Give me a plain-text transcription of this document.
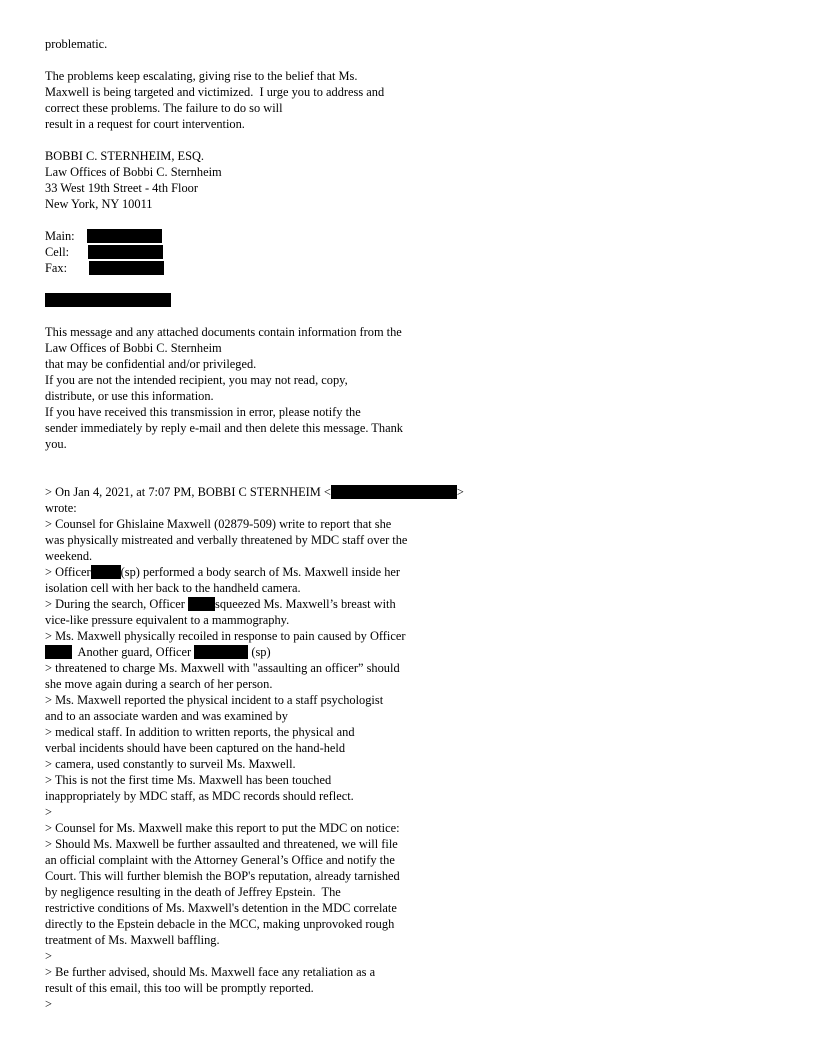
problematic.
The problems keep escalating, giving rise to the belief that Ms.
Maxwell is being targeted and victimized.  I urge you to address and
correct these problems. The failure to do so will
result in a request for court intervention.
BOBBI C. STERNHEIM, ESQ.
Law Offices of Bobbi C. Sternheim
33 West 19th Street - 4th Floor
New York, NY 10011
Main:
Cell:
Fax:
This message and any attached documents contain information from the
Law Offices of Bobbi C. Sternheim
that may be confidential and/or privileged.
If you are not the intended recipient, you may not read, copy,
distribute, or use this information.
If you have received this transmission in error, please notify the
sender immediately by reply e-mail and then delete this message. Thank
you.
> On Jan 4, 2021, at 7:07 PM, BOBBI C STERNHEIM <	>
wrote:
> Counsel for Ghislaine Maxwell (02879-509) write to report that she
was physically mistreated and verbally threatened by MDC staff over the
weekend.
> Officer (sp) performed a body search of Ms. Maxwell inside her
isolation cell with her back to the handheld camera.
> During the search, Officer squeezed Ms. Maxwell’s breast with
vice-like pressure equivalent to a mammography.
> Ms. Maxwell physically recoiled in response to pain caused by Officer
Another guard, Officer	(sp)
> threatened to charge Ms. Maxwell with "assaulting an officer” should
she move again during a search of her person.
> Ms. Maxwell reported the physical incident to a staff psychologist
and to an associate warden and was examined by
> medical staff. In addition to written reports, the physical and
verbal incidents should have been captured on the hand-held
> camera, used constantly to surveil Ms. Maxwell.
> This is not the first time Ms. Maxwell has been touched
inappropriately by MDC staff, as MDC records should reflect.
>
> Counsel for Ms. Maxwell make this report to put the MDC on notice:
> Should Ms. Maxwell be further assaulted and threatened, we will file
an official complaint with the Attorney General’s Office and notify the
Court. This will further blemish the BOP's reputation, already tarnished
by negligence resulting in the death of Jeffrey Epstein.  The
restrictive conditions of Ms. Maxwell's detention in the MDC correlate
directly to the Epstein debacle in the MCC, making unprovoked rough
treatment of Ms. Maxwell baffling.
>
> Be further advised, should Ms. Maxwell face any retaliation as a
result of this email, this too will be promptly reported.
>
